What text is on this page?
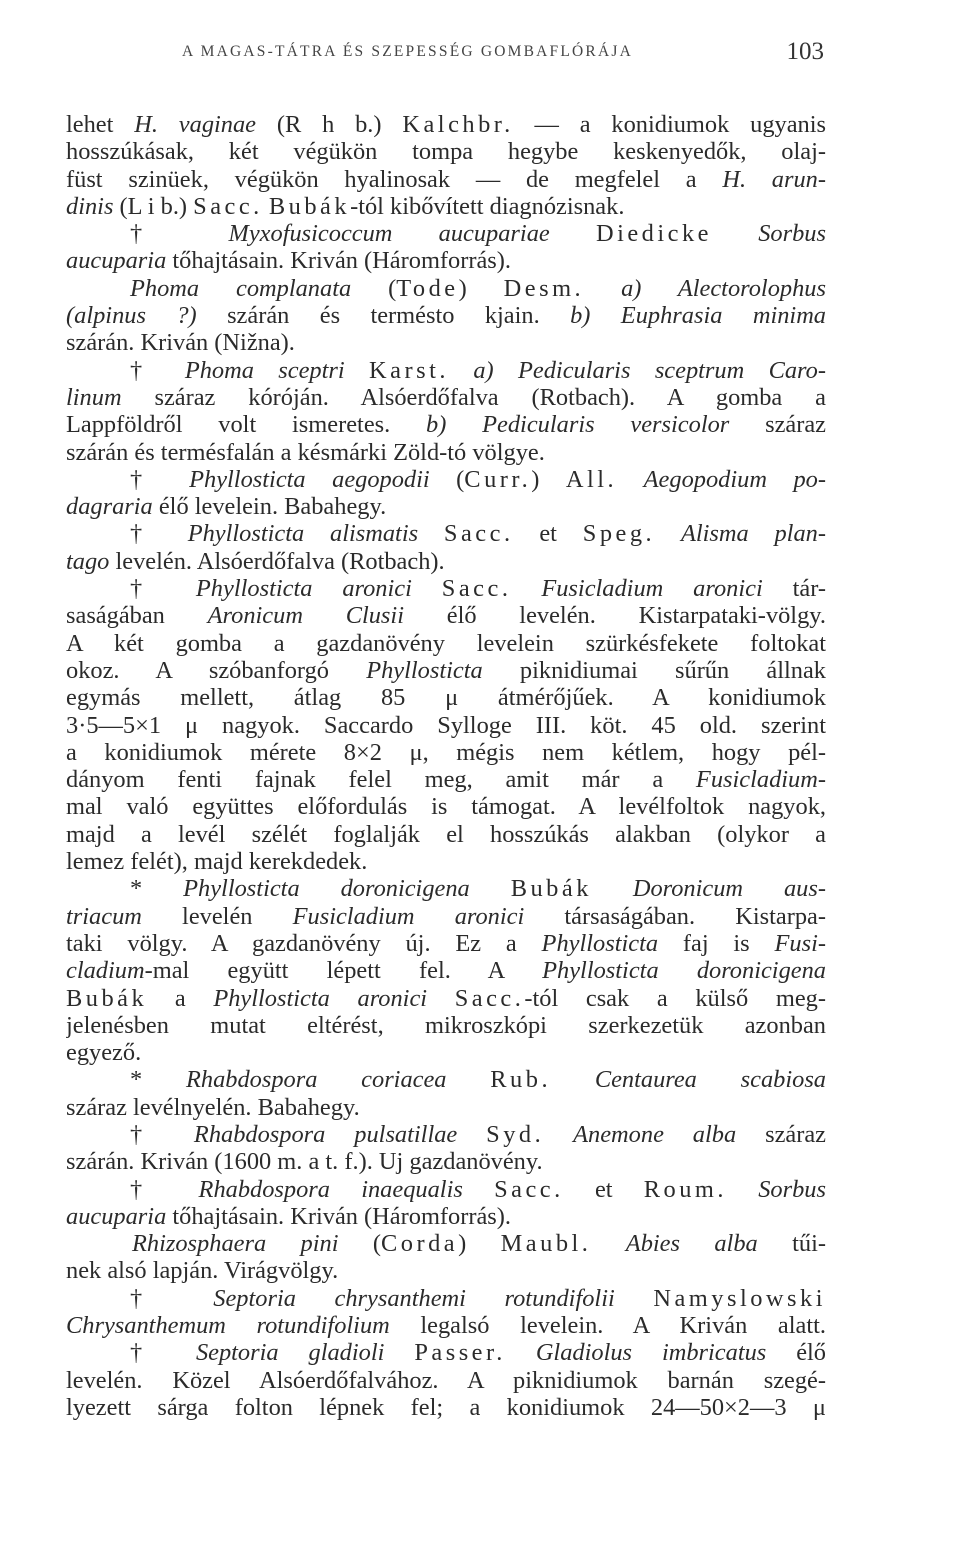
A MAGAS-TÁTRA ÉS SZEPESSÉG GOMBAFLÓRÁJA	103
lehet H. vaginae (R h b.) Kalchbr. — a konidiumok ugyanis
hosszúkásak, két végükön tompa hegybe keskenyedők, olaj-
füst szinüek, végükön hyalinosak — de megfelel a H. arun-
dinis (L i b.) Sacc. Bubák-tól kibővített diagnózisnak.
† Myxofusicoccum aucupariae Diedicke Sorbus
aucuparia tőhajtásain. Kriván (Háromforrás).
Phoma complanata (Tode) Desm. a) Alectorolophus
(alpinus ?) szárán és termésto kjain. b) Euphrasia minima
szárán. Kriván (Nižna).
† Phoma sceptri Karst. a) Pedicularis sceptrum Caro-
linum száraz kóróján. Alsóerdőfalva (Rotbach). A gomba a
Lappföldről volt ismeretes. b) Pedicularis versicolor száraz
szárán és termésfalán a késmárki Zöld-tó völgye.
† Phyllosticta aegopodii (Curr.) All. Aegopodium po-
dagraria élő levelein. Babahegy.
† Phyllosticta alismatis Sacc. et Speg. Alisma plan-
tago levelén. Alsóerdőfalva (Rotbach).
† Phyllosticta aronici Sacc. Fusicladium aronici tár-
saságában Aronicum Clusii élő levelén. Kistarpataki-völgy.
A két gomba a gazdanövény levelein szürkésfekete foltokat
okoz. A szóbanforgó Phyllosticta piknidiumai sűrűn állnak
egymás mellett, átlag 85 μ átmérőjűek. A konidiumok
3·5—5×1 μ nagyok. Saccardo Sylloge III. köt. 45 old. szerint
a konidiumok mérete 8×2 μ, mégis nem kétlem, hogy pél-
dányom fenti fajnak felel meg, amit már a Fusicladium-
mal való együttes előfordulás is támogat. A levélfoltok nagyok,
majd a levél szélét foglalják el hosszúkás alakban (olykor a
lemez felét), majd kerekdedek.
* Phyllosticta doronicigena Bubák Doronicum aus-
triacum levelén Fusicladium aronici társaságában. Kistarpa-
taki völgy. A gazdanövény új. Ez a Phyllosticta faj is Fusi-
cladium-mal együtt lépett fel. A Phyllosticta doronicigena
Bubák a Phyllosticta aronici Sacc.-tól csak a külső meg-
jelenésben mutat eltérést, mikroszkópi szerkezetük azonban
egyező.
* Rhabdospora coriacea Rub. Centaurea scabiosa
száraz levélnyelén. Babahegy.
† Rhabdospora pulsatillae Syd. Anemone alba száraz
szárán. Kriván (1600 m. a t. f.). Uj gazdanövény.
† Rhabdospora inaequalis Sacc. et Roum. Sorbus
aucuparia tőhajtásain. Kriván (Háromforrás).
Rhizosphaera pini (Corda) Maubl. Abies alba tűi-
nek alsó lapján. Virágvölgy.
† Septoria chrysanthemi rotundifolii Namyslowski
Chrysanthemum rotundifolium legalsó levelein. A Kriván alatt.
† Septoria gladioli Passer. Gladiolus imbricatus élő
levelén. Közel Alsóerdőfalvához. A piknidiumok barnán szegé-
lyezett sárga folton lépnek fel; a konidiumok 24—50×2—3 μ
